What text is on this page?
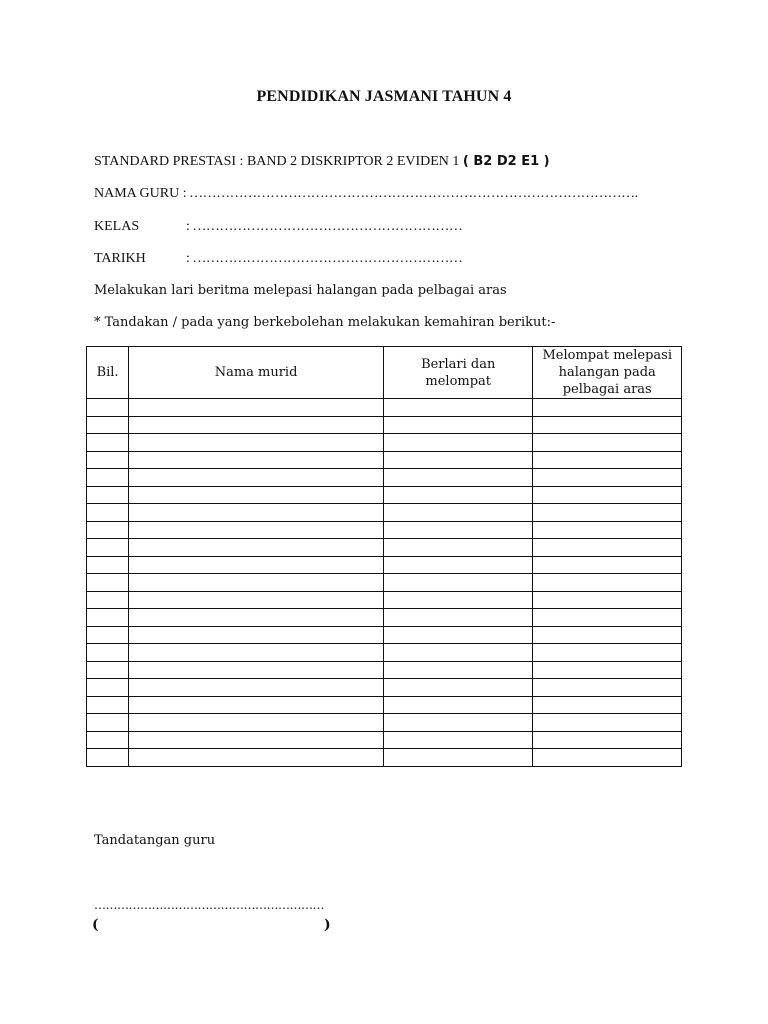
PENDIDIKAN JASMANI TAHUN 4
STANDARD PRESTASI : BAND 2 DISKRIPTOR 2 EVIDEN 1 ( B2 D2 E1 )
NAMA GURU : ……………………………………………………………………………………….
KELAS	: ……………………………………………………
TARIKH	: ……………………………………………………
Melakukan lari beritma melepasi halangan pada pelbagai aras
* Tandakan / pada yang berkebolehan melakukan kemahiran berikut:-
Bil.	Nama murid	Berlari dan melompat	Melompat melepasi halangan pada pelbagai aras

Tandatangan guru
……………………………………………………
(	)
